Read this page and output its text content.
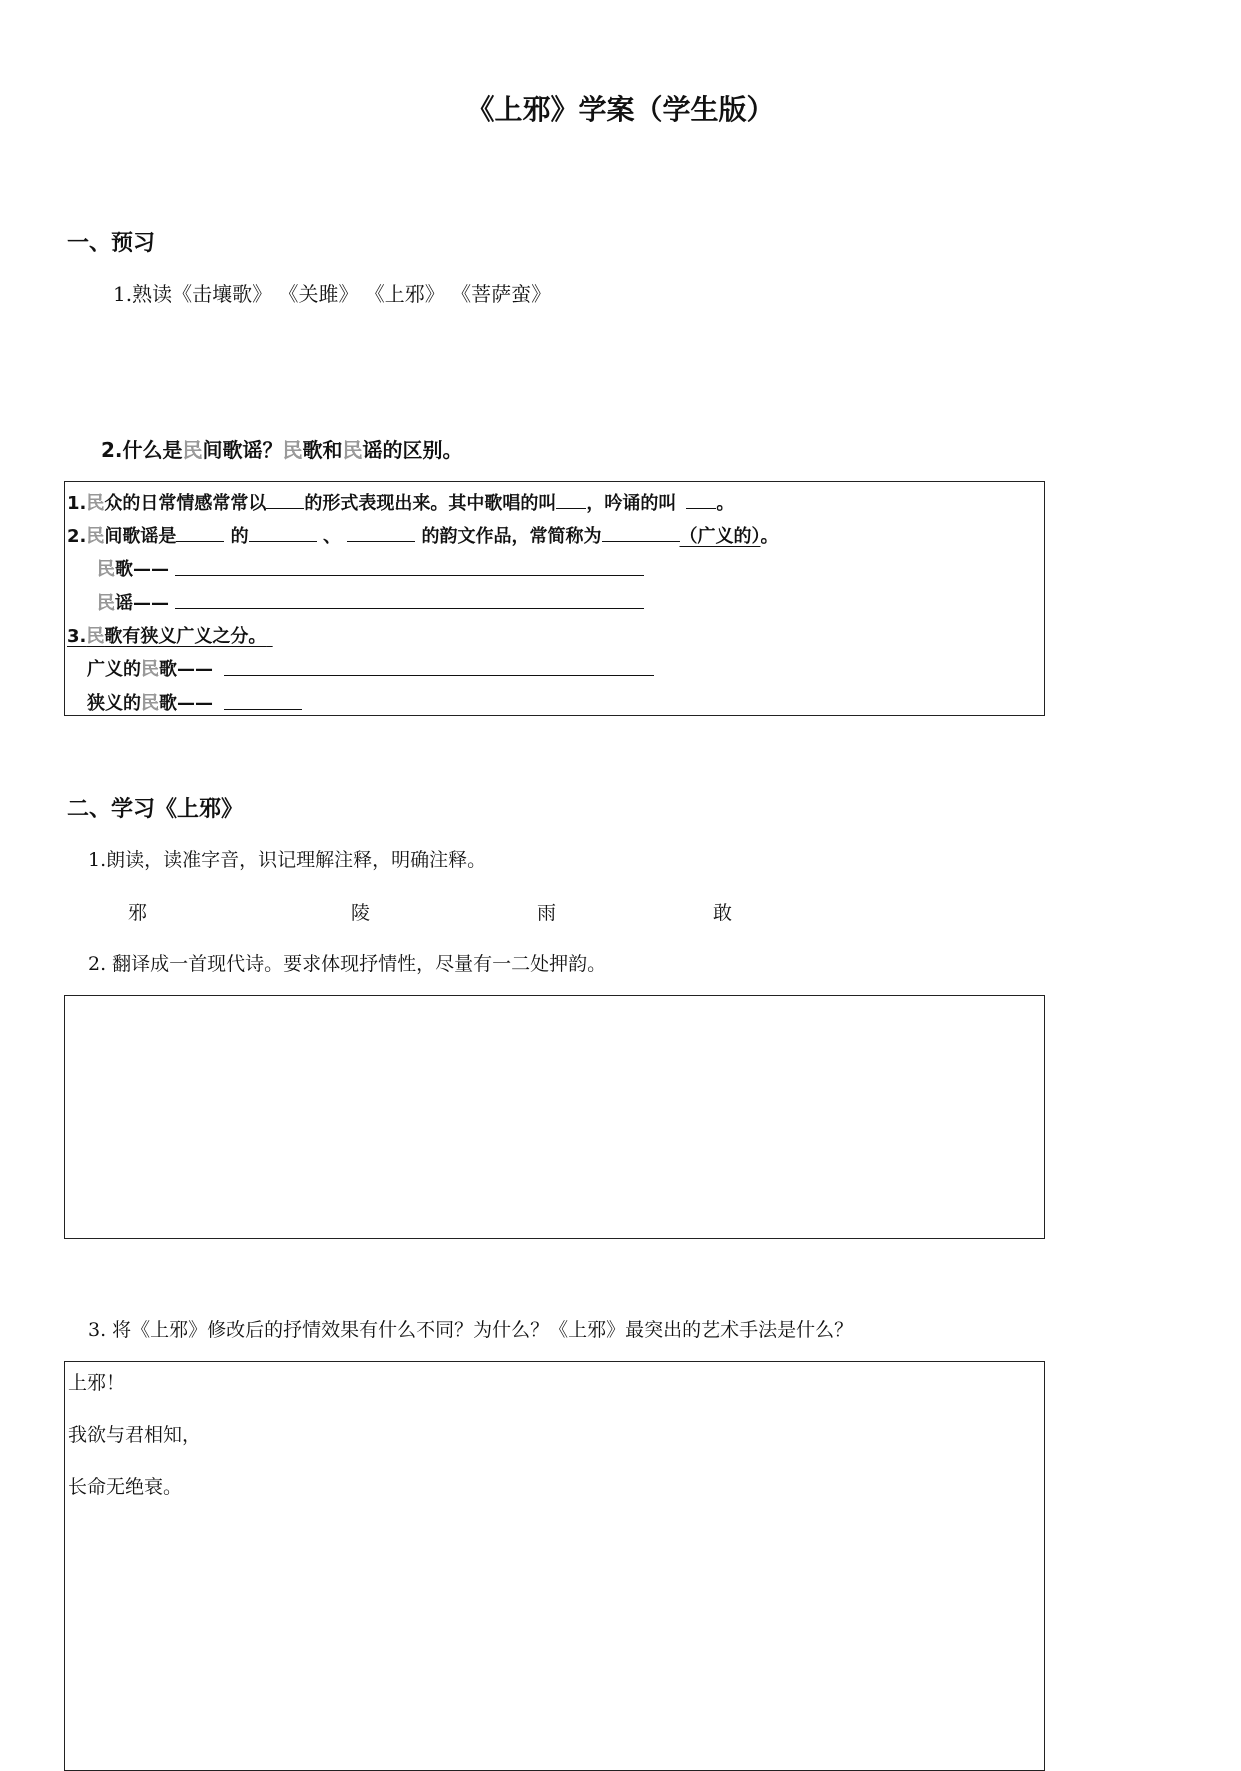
《上邪》学案（学生版）
一、预习
1.熟读《击壤歌》 《关雎》 《上邪》 《菩萨蛮》
2.什么是民间歌谣？民歌和民谣的区别。
1.民众的日常情感常常以 的形式表现出来。其中歌唱的叫 ，吟诵的叫 。
2.民间歌谣是	的	、	的韵文作品，常简称为	（广义的）。
民歌——
民谣——
3.民歌有狭义广义之分。
广义的民歌——
狭义的民歌——
二、学习《上邪》
1.朗读，读准字音，识记理解注释，明确注释。
邪	陵	雨	敢
2. 翻译成一首现代诗。要求体现抒情性，尽量有一二处押韵。
3. 将《上邪》修改后的抒情效果有什么不同？为什么？《上邪》最突出的艺术手法是什么？
上邪！
我欲与君相知，
长命无绝衰。
